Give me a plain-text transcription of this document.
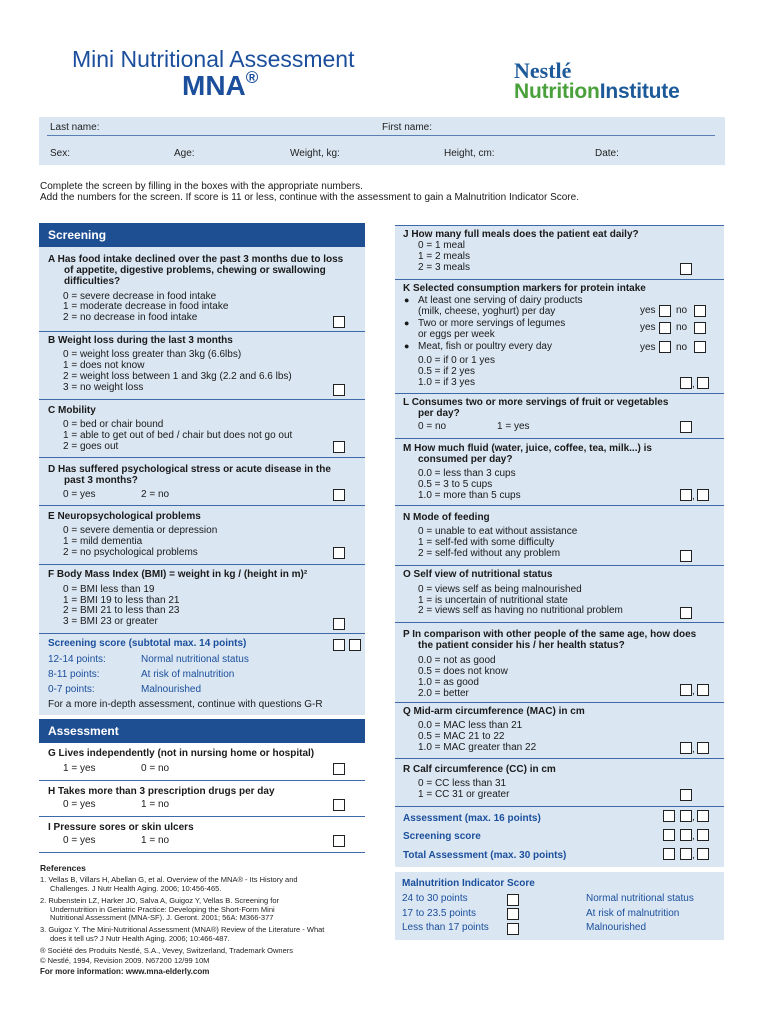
Mini Nutritional Assessment
MNA®	Nestlé
NutritionInstitute
Last name:	First name:
Sex:	Age:	Weight, kg:	Height, cm:	Date:
Complete the screen by filling in the boxes with the appropriate numbers.
Add the numbers for the screen. If score is 11 or less, continue with the assessment to gain a Malnutrition Indicator Score.
Screening
A Has food intake declined over the past 3 months due to loss
of appetite, digestive problems, chewing or swallowing
difficulties?
0 = severe decrease in food intake
1 = moderate decrease in food intake
2 = no decrease in food intake
B Weight loss during the last 3 months
0 = weight loss greater than 3kg (6.6lbs)
1 = does not know
2 = weight loss between 1 and 3kg (2.2 and 6.6 lbs)
3 = no weight loss
C Mobility
0 = bed or chair bound
1 = able to get out of bed / chair but does not go out
2 = goes out
D Has suffered psychological stress or acute disease in the
past 3 months?
0 = yes	2 = no
E Neuropsychological problems
0 = severe dementia or depression
1 = mild dementia
2 = no psychological problems
F Body Mass Index (BMI) = weight in kg / (height in m)²
0 = BMI less than 19
1 = BMI 19 to less than 21
2 = BMI 21 to less than 23
3 = BMI 23 or greater
Screening score (subtotal max. 14 points)
12-14 points:	Normal nutritional status
8-11 points:	At risk of malnutrition
0-7 points:	Malnourished
For a more in-depth assessment, continue with questions G-R
Assessment
G Lives independently (not in nursing home or hospital)
1 = yes	0 = no
H Takes more than 3 prescription drugs per day
0 = yes	1 = no
I Pressure sores or skin ulcers
0 = yes	1 = no
References
1. Vellas B, Villars H, Abellan G, et al. Overview of the MNA® - Its History and
Challenges. J Nutr Health Aging. 2006; 10:456-465.
2. Rubenstein LZ, Harker JO, Salva A, Guigoz Y, Vellas B. Screening for
Undernutrition in Geriatric Practice: Developing the Short-Form Mini
Nutritional Assessment (MNA-SF). J. Geront. 2001; 56A: M366-377
3. Guigoz Y. The Mini-Nutritional Assessment (MNA®) Review of the Literature - What
does it tell us? J Nutr Health Aging. 2006; 10:466-487.
® Société des Produits Nestlé, S.A., Vevey, Switzerland, Trademark Owners
© Nestlé, 1994, Revision 2009. N67200 12/99 10M
For more information: www.mna-elderly.com
J How many full meals does the patient eat daily?
0 = 1 meal
1 = 2 meals
2 = 3 meals
K Selected consumption markers for protein intake
● At least one serving of dairy products
(milk, cheese, yoghurt) per day	yes no
● Two or more servings of legumes
or eggs per week
yes no
● Meat, fish or poultry every day	yes no
0.0 = if 0 or 1 yes
0.5 = if 2 yes
1.0 = if 3 yes	,
L Consumes two or more servings of fruit or vegetables
per day?
0 = no	1 = yes
M How much fluid (water, juice, coffee, tea, milk...) is
consumed per day?
0.0 = less than 3 cups
0.5 = 3 to 5 cups
1.0 = more than 5 cups	,
N Mode of feeding
0 = unable to eat without assistance
1 = self-fed with some difficulty
2 = self-fed without any problem
O Self view of nutritional status
0 = views self as being malnourished
1 = is uncertain of nutritional state
2 = views self as having no nutritional problem
P In comparison with other people of the same age, how does
the patient consider his / her health status?
0.0 = not as good
0.5 = does not know
1.0 = as good
2.0 = better	,
Q Mid-arm circumference (MAC) in cm
0.0 = MAC less than 21
0.5 = MAC 21 to 22
1.0 = MAC greater than 22	,
R Calf circumference (CC) in cm
0 = CC less than 31
1 = CC 31 or greater
Assessment (max. 16 points)	,
Screening score	,
Total Assessment (max. 30 points)	,
Malnutrition Indicator Score
24 to 30 points	Normal nutritional status
17 to 23.5 points	At risk of malnutrition
Less than 17 points	Malnourished
